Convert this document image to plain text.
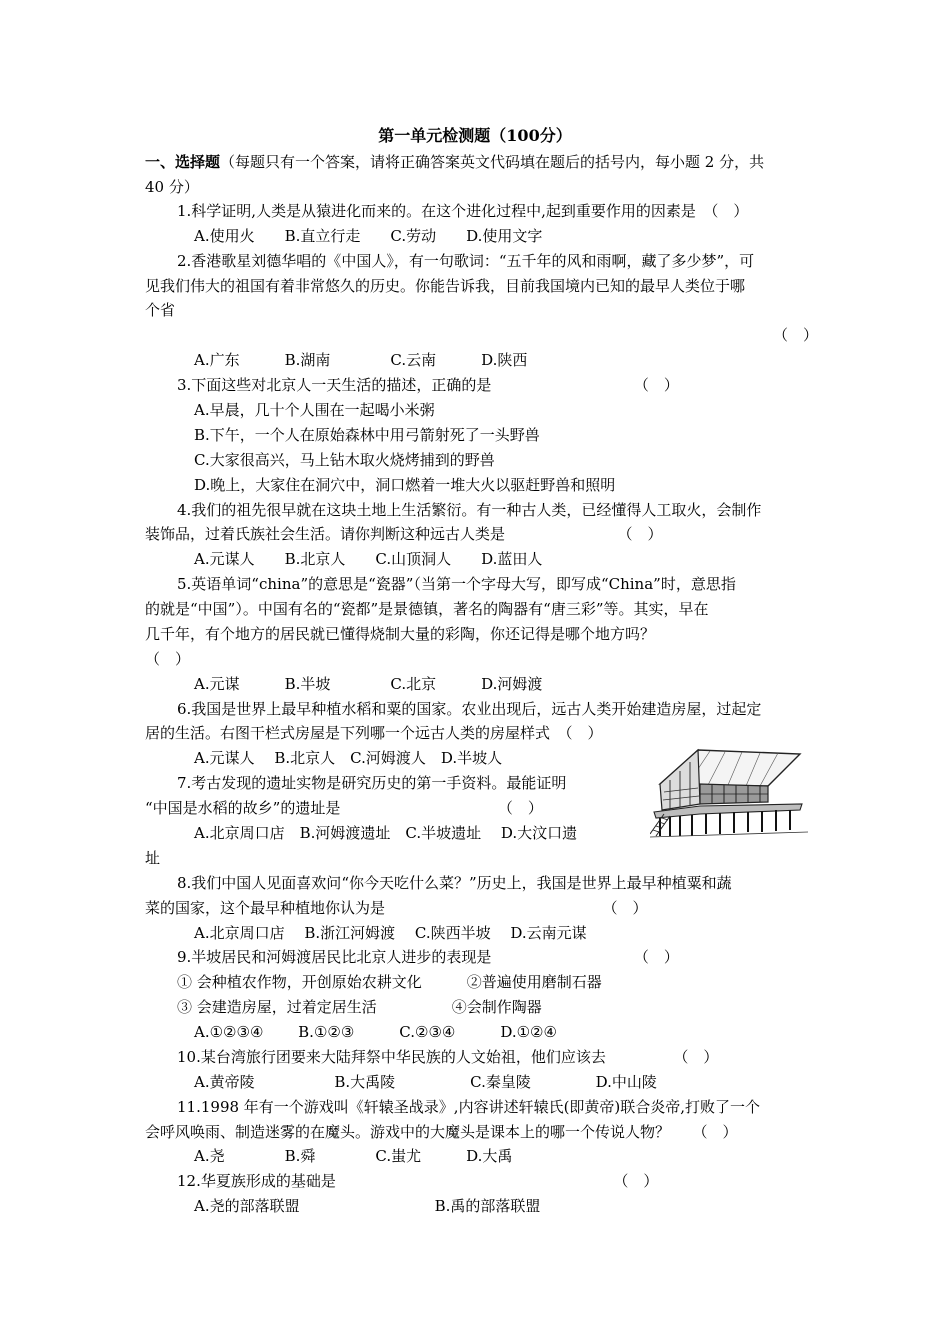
第一单元检测题（100分）
一、选择题（每题只有一个答案，请将正确答案英文代码填在题后的括号内，每小题 2 分，共
40 分）
1.科学证明,人类是从猿进化而来的。在这个进化过程中,起到重要作用的因素是　（　）
A.使用火　　B.直立行走　　C.劳动　　D.使用文字
2.香港歌星刘德华唱的《中国人》，有一句歌词：“五千年的风和雨啊，藏了多少梦”，可
见我们伟大的祖国有着非常悠久的历史。你能告诉我，目前我国境内已知的最早人类位于哪
个省
（　）
A.广东　　　B.湖南　　　　C.云南　　　D.陕西
3.下面这些对北京人一天生活的描述，正确的是　　　　　　　　　　（　）
A.早晨，几十个人围在一起喝小米粥
B.下午，一个人在原始森林中用弓箭射死了一头野兽
C.大家很高兴，马上钻木取火烧烤捕到的野兽
D.晚上，大家住在洞穴中，洞口燃着一堆大火以驱赶野兽和照明
4.我们的祖先很早就在这块土地上生活繁衍。有一种古人类，已经懂得人工取火，会制作
装饰品，过着氏族社会生活。请你判断这种远古人类是　　　　　　　　（　）
A.元谋人　　B.北京人　　C.山顶洞人　　D.蓝田人
5.英语单词“china”的意思是“瓷器”（当第一个字母大写，即写成“China”时，意思指
的就是“中国”）。中国有名的“瓷都”是景德镇，著名的陶器有“唐三彩”等。其实，早在
几千年，有个地方的居民就已懂得烧制大量的彩陶，你还记得是哪个地方吗？
（　）
A.元谋　　　B.半坡　　　　C.北京　　　D.河姆渡
6.我国是世界上最早种植水稻和粟的国家。农业出现后，远古人类开始建造房屋，过起定
居的生活。右图干栏式房屋是下列哪一个远古人类的房屋样式　（　）
A.元谋人　 B.北京人　C.河姆渡人　D.半坡人
7.考古发现的遗址实物是研究历史的第一手资料。最能证明
“中国是水稻的故乡”的遗址是　　　　　　　　　　　（　）
A.北京周口店　B.河姆渡遗址　C.半坡遗址　 D.大汶口遗
址
8.我们中国人见面喜欢问“你今天吃什么菜？”历史上，我国是世界上最早种植粟和蔬
菜的国家，这个最早种植地你认为是　　　　　　　　　　　　　　　（　）
A.北京周口店　 B.浙江河姆渡　 C.陕西半坡　 D.云南元谋
9.半坡居民和河姆渡居民比北京人进步的表现是　　　　　　　　　　（　）
① 会种植农作物，开创原始农耕文化　　　②普遍使用磨制石器
③ 会建造房屋，过着定居生活　　　　　④会制作陶器
A.①②③④　　 B.①②③　　　C.②③④　　　D.①②④
10.某台湾旅行团要来大陆拜祭中华民族的人文始祖，他们应该去　　　　　（　）
A.黄帝陵　　　　　 B.大禹陵　　　　　C.秦皇陵　　　　 D.中山陵
11.1998 年有一个游戏叫《轩辕圣战录》,内容讲述轩辕氏(即黄帝)联合炎帝,打败了一个
会呼风唤雨、制造迷雾的在魔头。游戏中的大魔头是课本上的哪一个传说人物？　　（　）
A.尧　　　　B.舜　　　　C.蚩尤　　　D.大禹
12.华夏族形成的基础是　　　　　　　　　　　　　　　　　　　（　）
A.尧的部落联盟　　　　　　　　　B.禹的部落联盟
